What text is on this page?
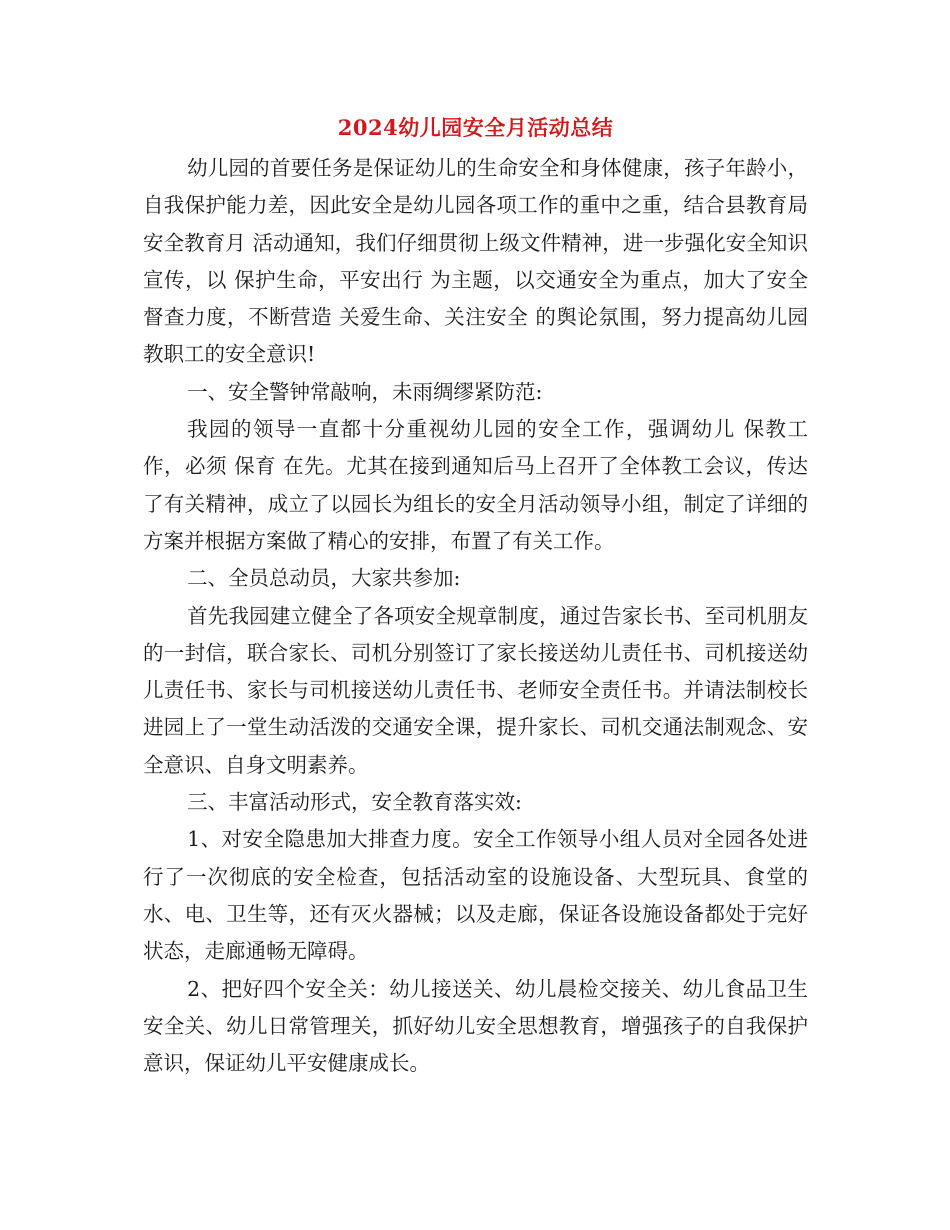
2024幼儿园安全月活动总结

幼儿园的首要任务是保证幼儿的生命安全和身体健康，孩子年龄小，自我保护能力差，因此安全是幼儿园各项工作的重中之重，结合县教育局 安全教育月 活动通知，我们仔细贯彻上级文件精神，进一步强化安全知识宣传，以 保护生命，平安出行 为主题，以交通安全为重点，加大了安全督查力度，不断营造 关爱生命、关注安全 的舆论氛围，努力提高幼儿园教职工的安全意识!

一、安全警钟常敲响，未雨绸缪紧防范:

我园的领导一直都十分重视幼儿园的安全工作，强调幼儿 保教工作，必须 保育 在先。尤其在接到通知后马上召开了全体教工会议，传达了有关精神，成立了以园长为组长的安全月活动领导小组，制定了详细的方案并根据方案做了精心的安排，布置了有关工作。

二、全员总动员，大家共参加:

首先我园建立健全了各项安全规章制度，通过告家长书、至司机朋友的一封信，联合家长、司机分别签订了家长接送幼儿责任书、司机接送幼儿责任书、家长与司机接送幼儿责任书、老师安全责任书。并请法制校长进园上了一堂生动活泼的交通安全课，提升家长、司机交通法制观念、安全意识、自身文明素养。

三、丰富活动形式，安全教育落实效:

1、对安全隐患加大排查力度。安全工作领导小组人员对全园各处进行了一次彻底的安全检查，包括活动室的设施设备、大型玩具、食堂的水、电、卫生等，还有灭火器械；以及走廊，保证各设施设备都处于完好状态，走廊通畅无障碍。

2、把好四个安全关：幼儿接送关、幼儿晨检交接关、幼儿食品卫生安全关、幼儿日常管理关，抓好幼儿安全思想教育，增强孩子的自我保护意识，保证幼儿平安健康成长。
